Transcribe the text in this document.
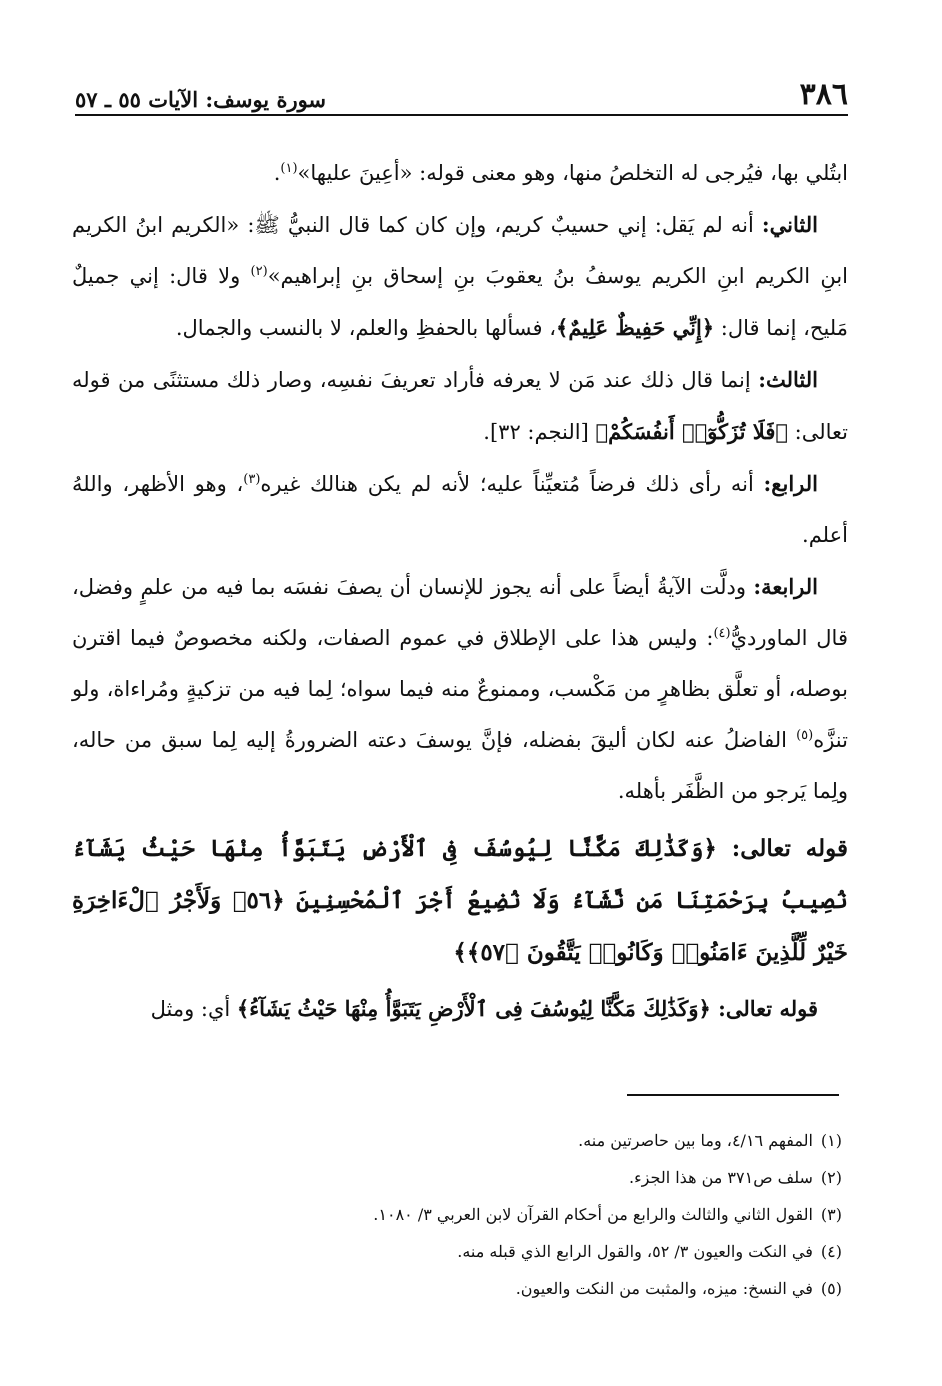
٣٨٦
سورة يوسف: الآيات ٥٥ ـ ٥٧

ابتُلي بها، فيُرجى له التخلصُ منها، وهو معنى قوله: «أعِينَ عليها»$^{(١)}$.

الثاني: أنه لم يَقل: إني حسيبٌ كريم، وإن كان كما قال النبيُّ ﷺ: «الكريم ابنُ الكريم ابنِ الكريم ابنِ الكريم يوسفُ بنُ يعقوبَ بنِ إسحاق بنِ إبراهيم»$^{(٢)}$ ولا قال: إني جميلٌ مَليح، إنما قال: ﴿إِنِّي حَفِيظٌ عَلِيمٌ﴾، فسألها بالحفظِ والعلم، لا بالنسب والجمال.

الثالث: إنما قال ذلك عند مَن لا يعرفه فأراد تعريفَ نفسِه، وصار ذلك مستثنًى من قوله تعالى: ﴿فَلَا تُزَكُّوٓا۟ أَنفُسَكُمْ﴾ [النجم: ٣٢].

الرابع: أنه رأى ذلك فرضاً مُتعيِّناً عليه؛ لأنه لم يكن هنالك غيره$^{(٣)}$، وهو الأظهر، واللهُ أعلم.

الرابعة: ودلَّت الآيةُ أيضاً على أنه يجوز للإنسان أن يصفَ نفسَه بما فيه من علمٍ وفضل، قال الماورديُّ$^{(٤)}$: وليس هذا على الإطلاق في عموم الصفات، ولكنه مخصوصٌ فيما اقترن بوصله، أو تعلَّق بظاهرٍ من مَكْسب، وممنوعٌ منه فيما سواه؛ لِما فيه من تزكيةٍ ومُراءاة، ولو تنزَّه$^{(٥)}$ الفاضلُ عنه لكان أليقَ بفضله، فإنَّ يوسفَ دعته الضرورةُ إليه لِما سبق من حاله، ولِما يَرجو من الظَّفَر بأهله.

قوله تعالى: ﴿وَكَذَٰلِكَ مَكَّنَّا لِيُوسُفَ فِى ٱلْأَرْضِ يَتَبَوَّأُ مِنْهَا حَيْثُ يَشَآءُ نُصِيبُ بِرَحْمَتِنَا مَن نَّشَآءُ وَلَا نُضِيعُ أَجْرَ ٱلْمُحْسِنِينَ ﴿٥٦﴾ وَلَأَجْرُ ٱلْءَاخِرَةِ خَيْرٌ لِّلَّذِينَ ءَامَنُوا۟ وَكَانُوا۟ يَتَّقُونَ ﴿٥٧﴾﴾

قوله تعالى: ﴿وَكَذَٰلِكَ مَكَّنَّا لِيُوسُفَ فِى ٱلْأَرْضِ يَتَبَوَّأُ مِنْهَا حَيْثُ يَشَآءُ﴾ أي: ومثل

(١)المفهم ٤/١٦، وما بين حاصرتين منه.

(٢)سلف ص٣٧١ من هذا الجزء.

(٣)القول الثاني والثالث والرابع من أحكام القرآن لابن العربي ٣/ ١٠٨٠.

(٤)في النكت والعيون ٣/ ٥٢، والقول الرابع الذي قبله منه.

(٥)في النسخ: ميزه، والمثبت من النكت والعيون.
